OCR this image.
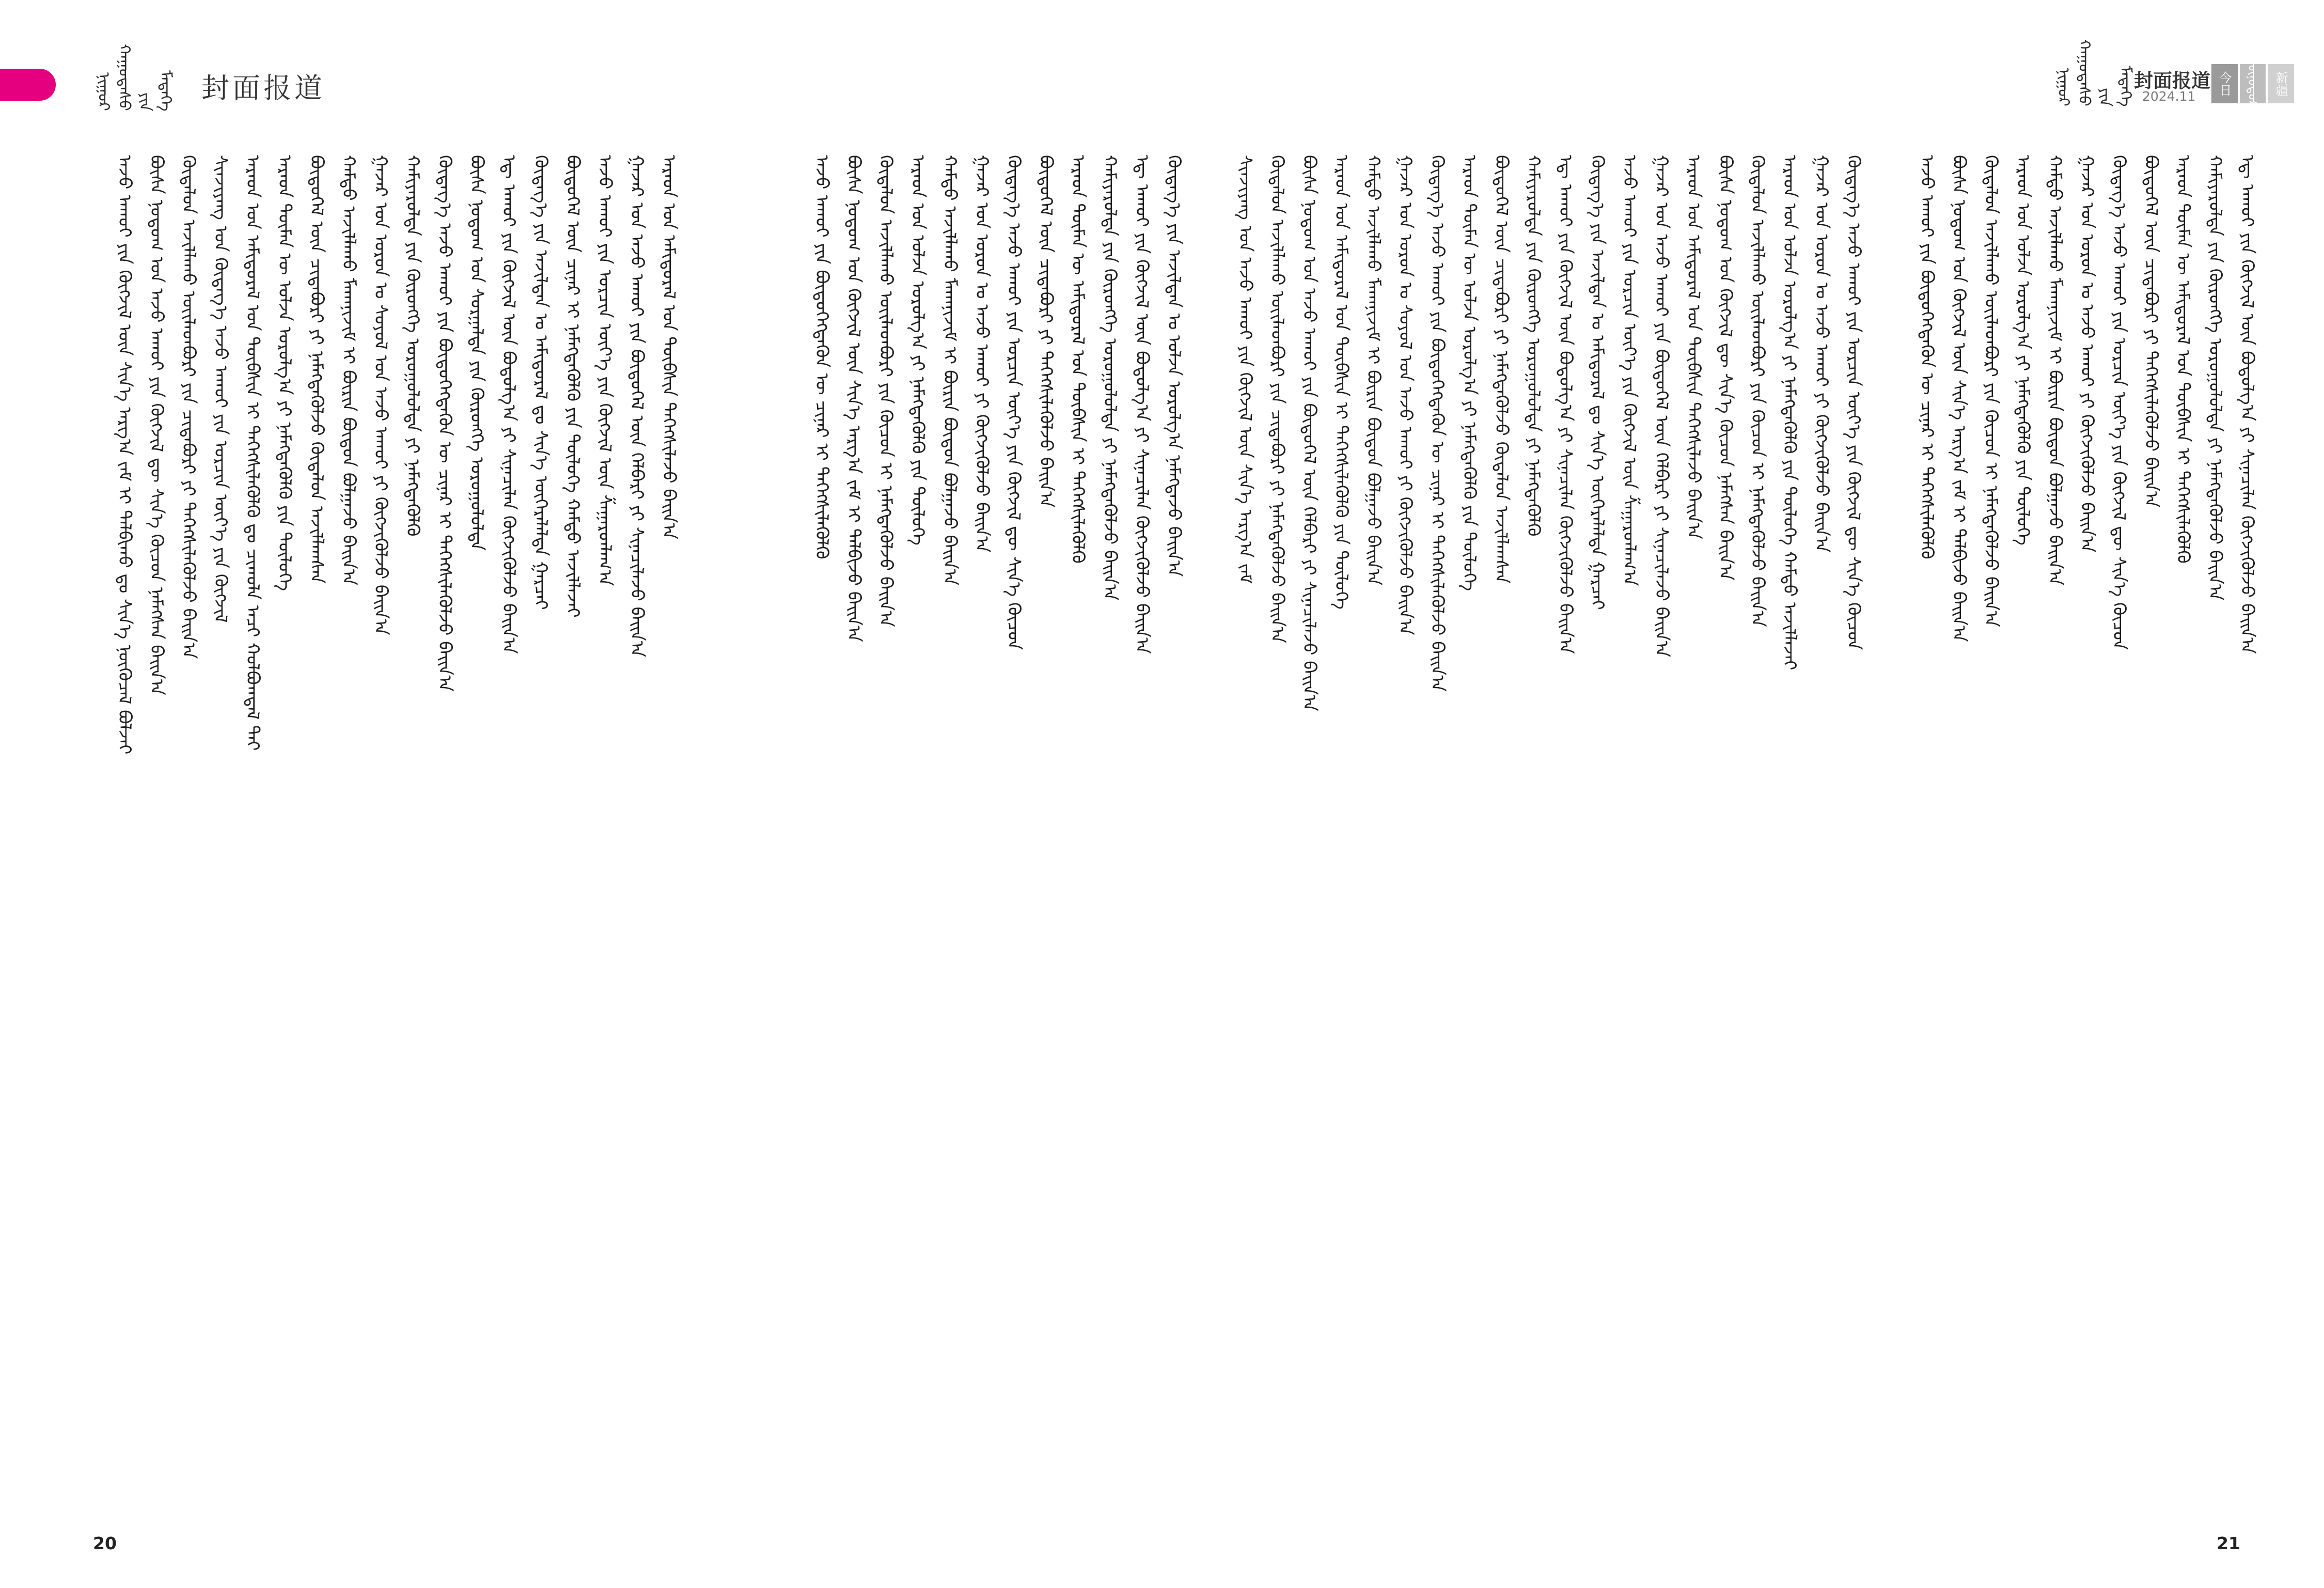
ᠨᠢᠭᠤᠷ ᠬᠠᠭᠤᠳᠠᠰᠤ ᠶᠢᠨ ᠮᠡᠳᠡᠭᠡ 封面报道	ᠨᠢᠭᠤᠷ ᠬᠠᠭᠤᠳᠠᠰᠤ ᠶᠢᠨ ᠮᠡᠳᠡᠭᠡ 封面报道
2024.11
今日	ᠥᠨᠥᠳᠦᠷ	新疆
ᠠᠵᠤ ᠠᠬᠤᠢ ᠶᠢᠨ ᠬᠥᠭᠵᠢᠯ ᠦᠨ ᠱᠢᠨ᠎ᠡ ᠠᠷᠭ᠎ᠠ ᠵᠠᠮ ᠢ ᠲᠠᠯᠪᠢᠬᠤ ᠳᠤ ᠰᠢᠨ᠎ᠡ ᠨᠦᠭᠦᠴᠡᠯ ᠪᠣᠯᠵᠠᠢ ᠪᠦᠰᠡ ᠨᠤᠲᠤᠭ ᠤᠨ ᠠᠵᠤ ᠠᠬᠤᠢ ᠶᠢᠨ ᠬᠥᠭᠵᠢᠯ ᠳᠦ ᠰᠢᠨ᠎ᠡ ᠬᠦᠴᠦᠨ ᠨᠡᠮᠡᠭᠰᠡᠨ ᠪᠠᠢᠨ᠎ᠠ ᠬᠥᠳᠡᠯᠦᠨ ᠠᠵᠢᠯᠯᠠᠬᠤ ᠦᠢᠯᠡᠳᠪᠦᠷᠢ ᠶᠢᠨ ᠴᠢᠳᠠᠪᠤᠷᠢ ᠶᠢ ᠳᠡᠭᠡᠭᠰᠢᠯᠡᠭᠦᠯᠵᠦ ᠪᠠᠢᠨ᠎ᠠ ᠱᠢᠨᠵᠢᠶᠠᠩ ᠤᠨ ᠬᠥᠳᠡᠭ᠎ᠡ ᠠᠵᠤ ᠠᠬᠤᠢ ᠶᠢᠨ ᠣᠷᠴᠢᠨ ᠦᠶ᠎ᠡ ᠶᠢᠨ ᠬᠥᠭᠵᠢᠯ ᠠᠷᠠᠳ ᠤᠨ ᠠᠮᠢᠳᠤᠷᠠᠯ ᠤᠨ ᠲᠦᠪᠰᠢᠨ ᠢ ᠳᠡᠭᠡᠭᠰᠢᠯᠡᠭᠦᠯᠬᠦ ᠳᠤ ᠴᠢᠬᠤᠯᠠ ᠠᠴᠢ ᠬᠣᠯᠪᠣᠭᠳᠠᠯ ᠲᠠᠢ ᠠᠷᠠᠳ ᠲᠦᠮᠡᠨ ᠦ ᠣᠯᠵᠠ ᠣᠷᠣᠯᠭ᠎ᠠ ᠶᠢ ᠨᠡᠮᠡᠭᠳᠡᠭᠦᠯᠬᠦ ᠶᠢᠨ ᠲᠥᠯᠥᠭᠡ ᠪᠦᠲᠦᠭᠡᠯ ᠦᠨ ᠴᠢᠳᠠᠪᠤᠷᠢ ᠶᠢ ᠨᠡᠮᠡᠭᠳᠡᠭᠦᠯᠵᠦ ᠬᠥᠳᠡᠯᠦᠨ ᠠᠵᠢᠯᠯᠠᠭᠰᠠᠨ ᠬᠠᠮᠲᠤ ᠠᠵᠢᠯᠯᠠᠬᠤ ᠮᠡᠬᠠᠨᠢᠵᠢᠮ ᠢ ᠪᠦᠷᠢᠨ ᠪᠦᠲᠦᠨ ᠪᠣᠯᠭᠠᠵᠤ ᠪᠠᠢᠨ᠎ᠠ ᠭᠠᠵᠠᠷ ᠤᠨ ᠣᠷᠣᠨ ᠤ ᠰᠣᠶᠣᠯ ᠤᠨ ᠠᠵᠤ ᠠᠬᠤᠢ ᠶᠢ ᠬᠥᠭᠵᠢᠭᠦᠯᠵᠦ ᠪᠠᠢᠨ᠎ᠠ ᠬᠠᠮᠢᠶᠠᠷᠤᠯᠲᠠ ᠶᠢᠨ ᠬᠥᠷᠥᠩᠭᠡ ᠣᠷᠣᠭᠤᠯᠤᠯᠲᠠ ᠶᠢ ᠨᠡᠮᠡᠭᠳᠡᠭᠦᠯᠬᠦ ᠬᠥᠳᠡᠭ᠎ᠡ ᠠᠵᠤ ᠠᠬᠤᠢ ᠶᠢᠨ ᠪᠦᠲᠦᠭᠡᠭᠳᠡᠬᠦᠨ ᠦ ᠴᠢᠨᠠᠷ ᠢ ᠳᠡᠭᠡᠭᠰᠢᠯᠡᠭᠦᠯᠵᠦ ᠪᠠᠢᠨ᠎ᠠ ᠪᠦᠰᠡ ᠨᠤᠲᠤᠭ ᠤᠨ ᠰᠤᠷᠭᠠᠯᠲᠠ ᠶᠢᠨ ᠬᠥᠷᠥᠩᠭᠡ ᠣᠷᠣᠭᠤᠯᠤᠯᠲᠠ ᠡᠳ᠋ ᠠᠬᠤᠢ ᠶᠢᠨ ᠬᠥᠭᠵᠢᠯ ᠦᠨ ᠪᠣᠳᠣᠯᠭ᠎ᠠ ᠶᠢ ᠰᠢᠨᠡᠴᠢᠯᠡᠨ ᠬᠥᠭᠵᠢᠭᠦᠯᠵᠦ ᠪᠠᠢᠨ᠎ᠠ ᠬᠥᠳᠡᠭ᠎ᠡ ᠶᠢᠨ ᠠᠵᠢᠯᠲᠠᠨ ᠤ ᠠᠮᠢᠳᠤᠷᠠᠯ ᠳᠤ ᠰᠢᠨ᠎ᠡ ᠥᠭᠡᠷᠡᠯᠡᠯᠲᠡ ᠭᠠᠷᠴᠠᠢ ᠪᠦᠲᠦᠭᠡᠯ ᠦᠨ ᠴᠢᠨᠠᠷ ᠢ ᠨᠡᠮᠡᠭᠳᠡᠭᠦᠯᠬᠦ ᠶᠢᠨ ᠲᠥᠯᠥᠭᠡ ᠬᠠᠮᠲᠤ ᠠᠵᠢᠯᠯᠠᠵᠠᠢ ᠠᠵᠤ ᠠᠬᠤᠢ ᠶᠢᠨ ᠣᠷᠴᠢᠨ ᠦᠶ᠎ᠡ ᠶᠢᠨ ᠬᠥᠭᠵᠢᠯ ᠦᠨ ᠱᠠᠭᠠᠷᠳᠯᠠᠭ᠎ᠠ ᠭᠠᠵᠠᠷ ᠤᠨ ᠠᠵᠤ ᠠᠬᠤᠢ ᠶᠢᠨ ᠪᠦᠲᠦᠭᠡᠯ ᠦᠨ ᠬᠡᠯᠪᠡᠷᠢ ᠶᠢ ᠰᠢᠨᠡᠴᠢᠯᠡᠵᠦ ᠪᠠᠢᠨ᠎ᠠ ᠠᠷᠠᠳ ᠤᠨ ᠠᠮᠢᠳᠤᠷᠠᠯ ᠤᠨ ᠲᠦᠪᠰᠢᠨ ᠳᠡᠭᠡᠭᠰᠢᠯᠡᠵᠦ ᠪᠠᠢᠨ᠎ᠠ	ᠠᠵᠤ ᠠᠬᠤᠢ ᠶᠢᠨ ᠪᠦᠲᠦᠭᠡᠭᠳᠡᠬᠦᠨ ᠦ ᠴᠢᠨᠠᠷ ᠢ ᠳᠡᠭᠡᠭᠰᠢᠯᠡᠭᠦᠯᠬᠦ ᠪᠦᠰᠡ ᠨᠤᠲᠤᠭ ᠤᠨ ᠬᠥᠭᠵᠢᠯ ᠦᠨ ᠰᠢᠨ᠎ᠡ ᠠᠷᠭ᠎ᠠ ᠵᠠᠮ ᠢ ᠲᠠᠯᠪᠢᠵᠤ ᠪᠠᠢᠨ᠎ᠠ ᠬᠥᠳᠡᠯᠦᠨ ᠠᠵᠢᠯᠯᠠᠬᠤ ᠦᠢᠯᠡᠳᠪᠦᠷᠢ ᠶᠢᠨ ᠬᠦᠴᠦᠨ ᠢ ᠨᠡᠮᠡᠭᠳᠡᠭᠦᠯᠵᠦ ᠪᠠᠢᠨ᠎ᠠ ᠠᠷᠠᠳ ᠤᠨ ᠣᠯᠵᠠ ᠣᠷᠣᠯᠭ᠎ᠠ ᠶᠢ ᠨᠡᠮᠡᠭᠳᠡᠭᠦᠯᠬᠦ ᠶᠢᠨ ᠲᠥᠯᠥᠭᠡ ᠬᠠᠮᠲᠤ ᠠᠵᠢᠯᠯᠠᠬᠤ ᠮᠡᠬᠠᠨᠢᠵᠢᠮ ᠢ ᠪᠦᠷᠢᠨ ᠪᠦᠲᠦᠨ ᠪᠣᠯᠭᠠᠵᠤ ᠪᠠᠢᠨ᠎ᠠ ᠭᠠᠵᠠᠷ ᠤᠨ ᠣᠷᠣᠨ ᠤ ᠠᠵᠤ ᠠᠬᠤᠢ ᠶᠢ ᠬᠥᠭᠵᠢᠭᠦᠯᠵᠦ ᠪᠠᠢᠨ᠎ᠠ ᠬᠥᠳᠡᠭ᠎ᠡ ᠠᠵᠤ ᠠᠬᠤᠢ ᠶᠢᠨ ᠣᠷᠴᠢᠨ ᠦᠶ᠎ᠡ ᠶᠢᠨ ᠬᠥᠭᠵᠢᠯ ᠳᠦ ᠰᠢᠨ᠎ᠡ ᠬᠦᠴᠦᠨ ᠪᠦᠲᠦᠭᠡᠯ ᠦᠨ ᠴᠢᠳᠠᠪᠤᠷᠢ ᠶᠢ ᠳᠡᠭᠡᠭᠰᠢᠯᠡᠭᠦᠯᠵᠦ ᠪᠠᠢᠨ᠎ᠠ ᠠᠷᠠᠳ ᠲᠦᠮᠡᠨ ᠦ ᠠᠮᠢᠳᠤᠷᠠᠯ ᠤᠨ ᠲᠦᠪᠰᠢᠨ ᠢ ᠳᠡᠭᠡᠭᠰᠢᠯᠡᠭᠦᠯᠬᠦ ᠬᠠᠮᠢᠶᠠᠷᠤᠯᠲᠠ ᠶᠢᠨ ᠬᠥᠷᠥᠩᠭᠡ ᠣᠷᠣᠭᠤᠯᠤᠯᠲᠠ ᠶᠢ ᠨᠡᠮᠡᠭᠳᠡᠭᠦᠯᠵᠦ ᠪᠠᠢᠨ᠎ᠠ ᠡᠳ᠋ ᠠᠬᠤᠢ ᠶᠢᠨ ᠬᠥᠭᠵᠢᠯ ᠦᠨ ᠪᠣᠳᠣᠯᠭ᠎ᠠ ᠶᠢ ᠰᠢᠨᠡᠴᠢᠯᠡᠨ ᠬᠥᠭᠵᠢᠭᠦᠯᠵᠦ ᠪᠠᠢᠨ᠎ᠠ ᠬᠥᠳᠡᠭ᠎ᠡ ᠶᠢᠨ ᠠᠵᠢᠯᠲᠠᠨ ᠤ ᠣᠯᠵᠠ ᠣᠷᠣᠯᠭ᠎ᠠ ᠨᠡᠮᠡᠭᠳᠡᠵᠦ ᠪᠠᠢᠨ᠎ᠠ	ᠱᠢᠨᠵᠢᠶᠠᠩ ᠤᠨ ᠠᠵᠤ ᠠᠬᠤᠢ ᠶᠢᠨ ᠬᠥᠭᠵᠢᠯ ᠦᠨ ᠰᠢᠨ᠎ᠡ ᠠᠷᠭ᠎ᠠ ᠵᠠᠮ ᠬᠥᠳᠡᠯᠦᠨ ᠠᠵᠢᠯᠯᠠᠬᠤ ᠦᠢᠯᠡᠳᠪᠦᠷᠢ ᠶᠢᠨ ᠴᠢᠳᠠᠪᠤᠷᠢ ᠶᠢ ᠨᠡᠮᠡᠭᠳᠡᠭᠦᠯᠵᠦ ᠪᠠᠢᠨ᠎ᠠ ᠪᠦᠰᠡ ᠨᠤᠲᠤᠭ ᠤᠨ ᠠᠵᠤ ᠠᠬᠤᠢ ᠶᠢᠨ ᠪᠦᠲᠦᠭᠡᠯ ᠦᠨ ᠬᠡᠯᠪᠡᠷᠢ ᠶᠢ ᠰᠢᠨᠡᠴᠢᠯᠡᠵᠦ ᠪᠠᠢᠨ᠎ᠠ ᠠᠷᠠᠳ ᠤᠨ ᠠᠮᠢᠳᠤᠷᠠᠯ ᠤᠨ ᠲᠦᠪᠰᠢᠨ ᠢ ᠳᠡᠭᠡᠭᠰᠢᠯᠡᠭᠦᠯᠬᠦ ᠶᠢᠨ ᠲᠥᠯᠥᠭᠡ ᠬᠠᠮᠲᠤ ᠠᠵᠢᠯᠯᠠᠬᠤ ᠮᠡᠬᠠᠨᠢᠵᠢᠮ ᠢ ᠪᠦᠷᠢᠨ ᠪᠦᠲᠦᠨ ᠪᠣᠯᠭᠠᠵᠤ ᠪᠠᠢᠨ᠎ᠠ ᠭᠠᠵᠠᠷ ᠤᠨ ᠣᠷᠣᠨ ᠤ ᠰᠣᠶᠣᠯ ᠤᠨ ᠠᠵᠤ ᠠᠬᠤᠢ ᠶᠢ ᠬᠥᠭᠵᠢᠭᠦᠯᠵᠦ ᠪᠠᠢᠨ᠎ᠠ ᠬᠥᠳᠡᠭ᠎ᠡ ᠠᠵᠤ ᠠᠬᠤᠢ ᠶᠢᠨ ᠪᠦᠲᠦᠭᠡᠭᠳᠡᠬᠦᠨ ᠦ ᠴᠢᠨᠠᠷ ᠢ ᠳᠡᠭᠡᠭᠰᠢᠯᠡᠭᠦᠯᠵᠦ ᠪᠠᠢᠨ᠎ᠠ ᠠᠷᠠᠳ ᠲᠦᠮᠡᠨ ᠦ ᠣᠯᠵᠠ ᠣᠷᠣᠯᠭ᠎ᠠ ᠶᠢ ᠨᠡᠮᠡᠭᠳᠡᠭᠦᠯᠬᠦ ᠶᠢᠨ ᠲᠥᠯᠥᠭᠡ ᠪᠦᠲᠦᠭᠡᠯ ᠦᠨ ᠴᠢᠳᠠᠪᠤᠷᠢ ᠶᠢ ᠨᠡᠮᠡᠭᠳᠡᠭᠦᠯᠵᠦ ᠬᠥᠳᠡᠯᠦᠨ ᠠᠵᠢᠯᠯᠠᠭᠰᠠᠨ ᠬᠠᠮᠢᠶᠠᠷᠤᠯᠲᠠ ᠶᠢᠨ ᠬᠥᠷᠥᠩᠭᠡ ᠣᠷᠣᠭᠤᠯᠤᠯᠲᠠ ᠶᠢ ᠨᠡᠮᠡᠭᠳᠡᠭᠦᠯᠬᠦ ᠡᠳ᠋ ᠠᠬᠤᠢ ᠶᠢᠨ ᠬᠥᠭᠵᠢᠯ ᠦᠨ ᠪᠣᠳᠣᠯᠭ᠎ᠠ ᠶᠢ ᠰᠢᠨᠡᠴᠢᠯᠡᠨ ᠬᠥᠭᠵᠢᠭᠦᠯᠵᠦ ᠪᠠᠢᠨ᠎ᠠ ᠬᠥᠳᠡᠭ᠎ᠡ ᠶᠢᠨ ᠠᠵᠢᠯᠲᠠᠨ ᠤ ᠠᠮᠢᠳᠤᠷᠠᠯ ᠳᠤ ᠰᠢᠨ᠎ᠡ ᠥᠭᠡᠷᠡᠯᠡᠯᠲᠡ ᠭᠠᠷᠴᠠᠢ ᠠᠵᠤ ᠠᠬᠤᠢ ᠶᠢᠨ ᠣᠷᠴᠢᠨ ᠦᠶ᠎ᠡ ᠶᠢᠨ ᠬᠥᠭᠵᠢᠯ ᠦᠨ ᠱᠠᠭᠠᠷᠳᠯᠠᠭ᠎ᠠ ᠭᠠᠵᠠᠷ ᠤᠨ ᠠᠵᠤ ᠠᠬᠤᠢ ᠶᠢᠨ ᠪᠦᠲᠦᠭᠡᠯ ᠦᠨ ᠬᠡᠯᠪᠡᠷᠢ ᠶᠢ ᠰᠢᠨᠡᠴᠢᠯᠡᠵᠦ ᠪᠠᠢᠨ᠎ᠠ ᠠᠷᠠᠳ ᠤᠨ ᠠᠮᠢᠳᠤᠷᠠᠯ ᠤᠨ ᠲᠦᠪᠰᠢᠨ ᠳᠡᠭᠡᠭᠰᠢᠯᠡᠵᠦ ᠪᠠᠢᠨ᠎ᠠ ᠪᠦᠰᠡ ᠨᠤᠲᠤᠭ ᠤᠨ ᠬᠥᠭᠵᠢᠯ ᠳᠦ ᠰᠢᠨ᠎ᠡ ᠬᠦᠴᠦᠨ ᠨᠡᠮᠡᠭᠰᠡᠨ ᠪᠠᠢᠨ᠎ᠠ ᠬᠥᠳᠡᠯᠦᠨ ᠠᠵᠢᠯᠯᠠᠬᠤ ᠦᠢᠯᠡᠳᠪᠦᠷᠢ ᠶᠢᠨ ᠬᠦᠴᠦᠨ ᠢ ᠨᠡᠮᠡᠭᠳᠡᠭᠦᠯᠵᠦ ᠪᠠᠢᠨ᠎ᠠ ᠠᠷᠠᠳ ᠤᠨ ᠣᠯᠵᠠ ᠣᠷᠣᠯᠭ᠎ᠠ ᠶᠢ ᠨᠡᠮᠡᠭᠳᠡᠭᠦᠯᠬᠦ ᠶᠢᠨ ᠲᠥᠯᠥᠭᠡ ᠬᠠᠮᠲᠤ ᠠᠵᠢᠯᠯᠠᠵᠠᠢ ᠭᠠᠵᠠᠷ ᠤᠨ ᠣᠷᠣᠨ ᠤ ᠠᠵᠤ ᠠᠬᠤᠢ ᠶᠢ ᠬᠥᠭᠵᠢᠭᠦᠯᠵᠦ ᠪᠠᠢᠨ᠎ᠠ ᠬᠥᠳᠡᠭ᠎ᠡ ᠠᠵᠤ ᠠᠬᠤᠢ ᠶᠢᠨ ᠣᠷᠴᠢᠨ ᠦᠶ᠎ᠡ ᠶᠢᠨ ᠬᠥᠭᠵᠢᠯ ᠳᠦ ᠰᠢᠨ᠎ᠡ ᠬᠦᠴᠦᠨ	ᠠᠵᠤ ᠠᠬᠤᠢ ᠶᠢᠨ ᠪᠦᠲᠦᠭᠡᠭᠳᠡᠬᠦᠨ ᠦ ᠴᠢᠨᠠᠷ ᠢ ᠳᠡᠭᠡᠭᠰᠢᠯᠡᠭᠦᠯᠬᠦ ᠪᠦᠰᠡ ᠨᠤᠲᠤᠭ ᠤᠨ ᠬᠥᠭᠵᠢᠯ ᠦᠨ ᠰᠢᠨ᠎ᠡ ᠠᠷᠭ᠎ᠠ ᠵᠠᠮ ᠢ ᠲᠠᠯᠪᠢᠵᠤ ᠪᠠᠢᠨ᠎ᠠ ᠬᠥᠳᠡᠯᠦᠨ ᠠᠵᠢᠯᠯᠠᠬᠤ ᠦᠢᠯᠡᠳᠪᠦᠷᠢ ᠶᠢᠨ ᠬᠦᠴᠦᠨ ᠢ ᠨᠡᠮᠡᠭᠳᠡᠭᠦᠯᠵᠦ ᠪᠠᠢᠨ᠎ᠠ ᠠᠷᠠᠳ ᠤᠨ ᠣᠯᠵᠠ ᠣᠷᠣᠯᠭ᠎ᠠ ᠶᠢ ᠨᠡᠮᠡᠭᠳᠡᠭᠦᠯᠬᠦ ᠶᠢᠨ ᠲᠥᠯᠥᠭᠡ ᠬᠠᠮᠲᠤ ᠠᠵᠢᠯᠯᠠᠬᠤ ᠮᠡᠬᠠᠨᠢᠵᠢᠮ ᠢ ᠪᠦᠷᠢᠨ ᠪᠦᠲᠦᠨ ᠪᠣᠯᠭᠠᠵᠤ ᠪᠠᠢᠨ᠎ᠠ ᠭᠠᠵᠠᠷ ᠤᠨ ᠣᠷᠣᠨ ᠤ ᠠᠵᠤ ᠠᠬᠤᠢ ᠶᠢ ᠬᠥᠭᠵᠢᠭᠦᠯᠵᠦ ᠪᠠᠢᠨ᠎ᠠ ᠬᠥᠳᠡᠭ᠎ᠡ ᠠᠵᠤ ᠠᠬᠤᠢ ᠶᠢᠨ ᠣᠷᠴᠢᠨ ᠦᠶ᠎ᠡ ᠶᠢᠨ ᠬᠥᠭᠵᠢᠯ ᠳᠦ ᠰᠢᠨ᠎ᠡ ᠬᠦᠴᠦᠨ ᠪᠦᠲᠦᠭᠡᠯ ᠦᠨ ᠴᠢᠳᠠᠪᠤᠷᠢ ᠶᠢ ᠳᠡᠭᠡᠭᠰᠢᠯᠡᠭᠦᠯᠵᠦ ᠪᠠᠢᠨ᠎ᠠ ᠠᠷᠠᠳ ᠲᠦᠮᠡᠨ ᠦ ᠠᠮᠢᠳᠤᠷᠠᠯ ᠤᠨ ᠲᠦᠪᠰᠢᠨ ᠢ ᠳᠡᠭᠡᠭᠰᠢᠯᠡᠭᠦᠯᠬᠦ ᠬᠠᠮᠢᠶᠠᠷᠤᠯᠲᠠ ᠶᠢᠨ ᠬᠥᠷᠥᠩᠭᠡ ᠣᠷᠣᠭᠤᠯᠤᠯᠲᠠ ᠶᠢ ᠨᠡᠮᠡᠭᠳᠡᠭᠦᠯᠵᠦ ᠪᠠᠢᠨ᠎ᠠ ᠡᠳ᠋ ᠠᠬᠤᠢ ᠶᠢᠨ ᠬᠥᠭᠵᠢᠯ ᠦᠨ ᠪᠣᠳᠣᠯᠭ᠎ᠠ ᠶᠢ ᠰᠢᠨᠡᠴᠢᠯᠡᠨ ᠬᠥᠭᠵᠢᠭᠦᠯᠵᠦ ᠪᠠᠢᠨ᠎ᠠ
20	21
